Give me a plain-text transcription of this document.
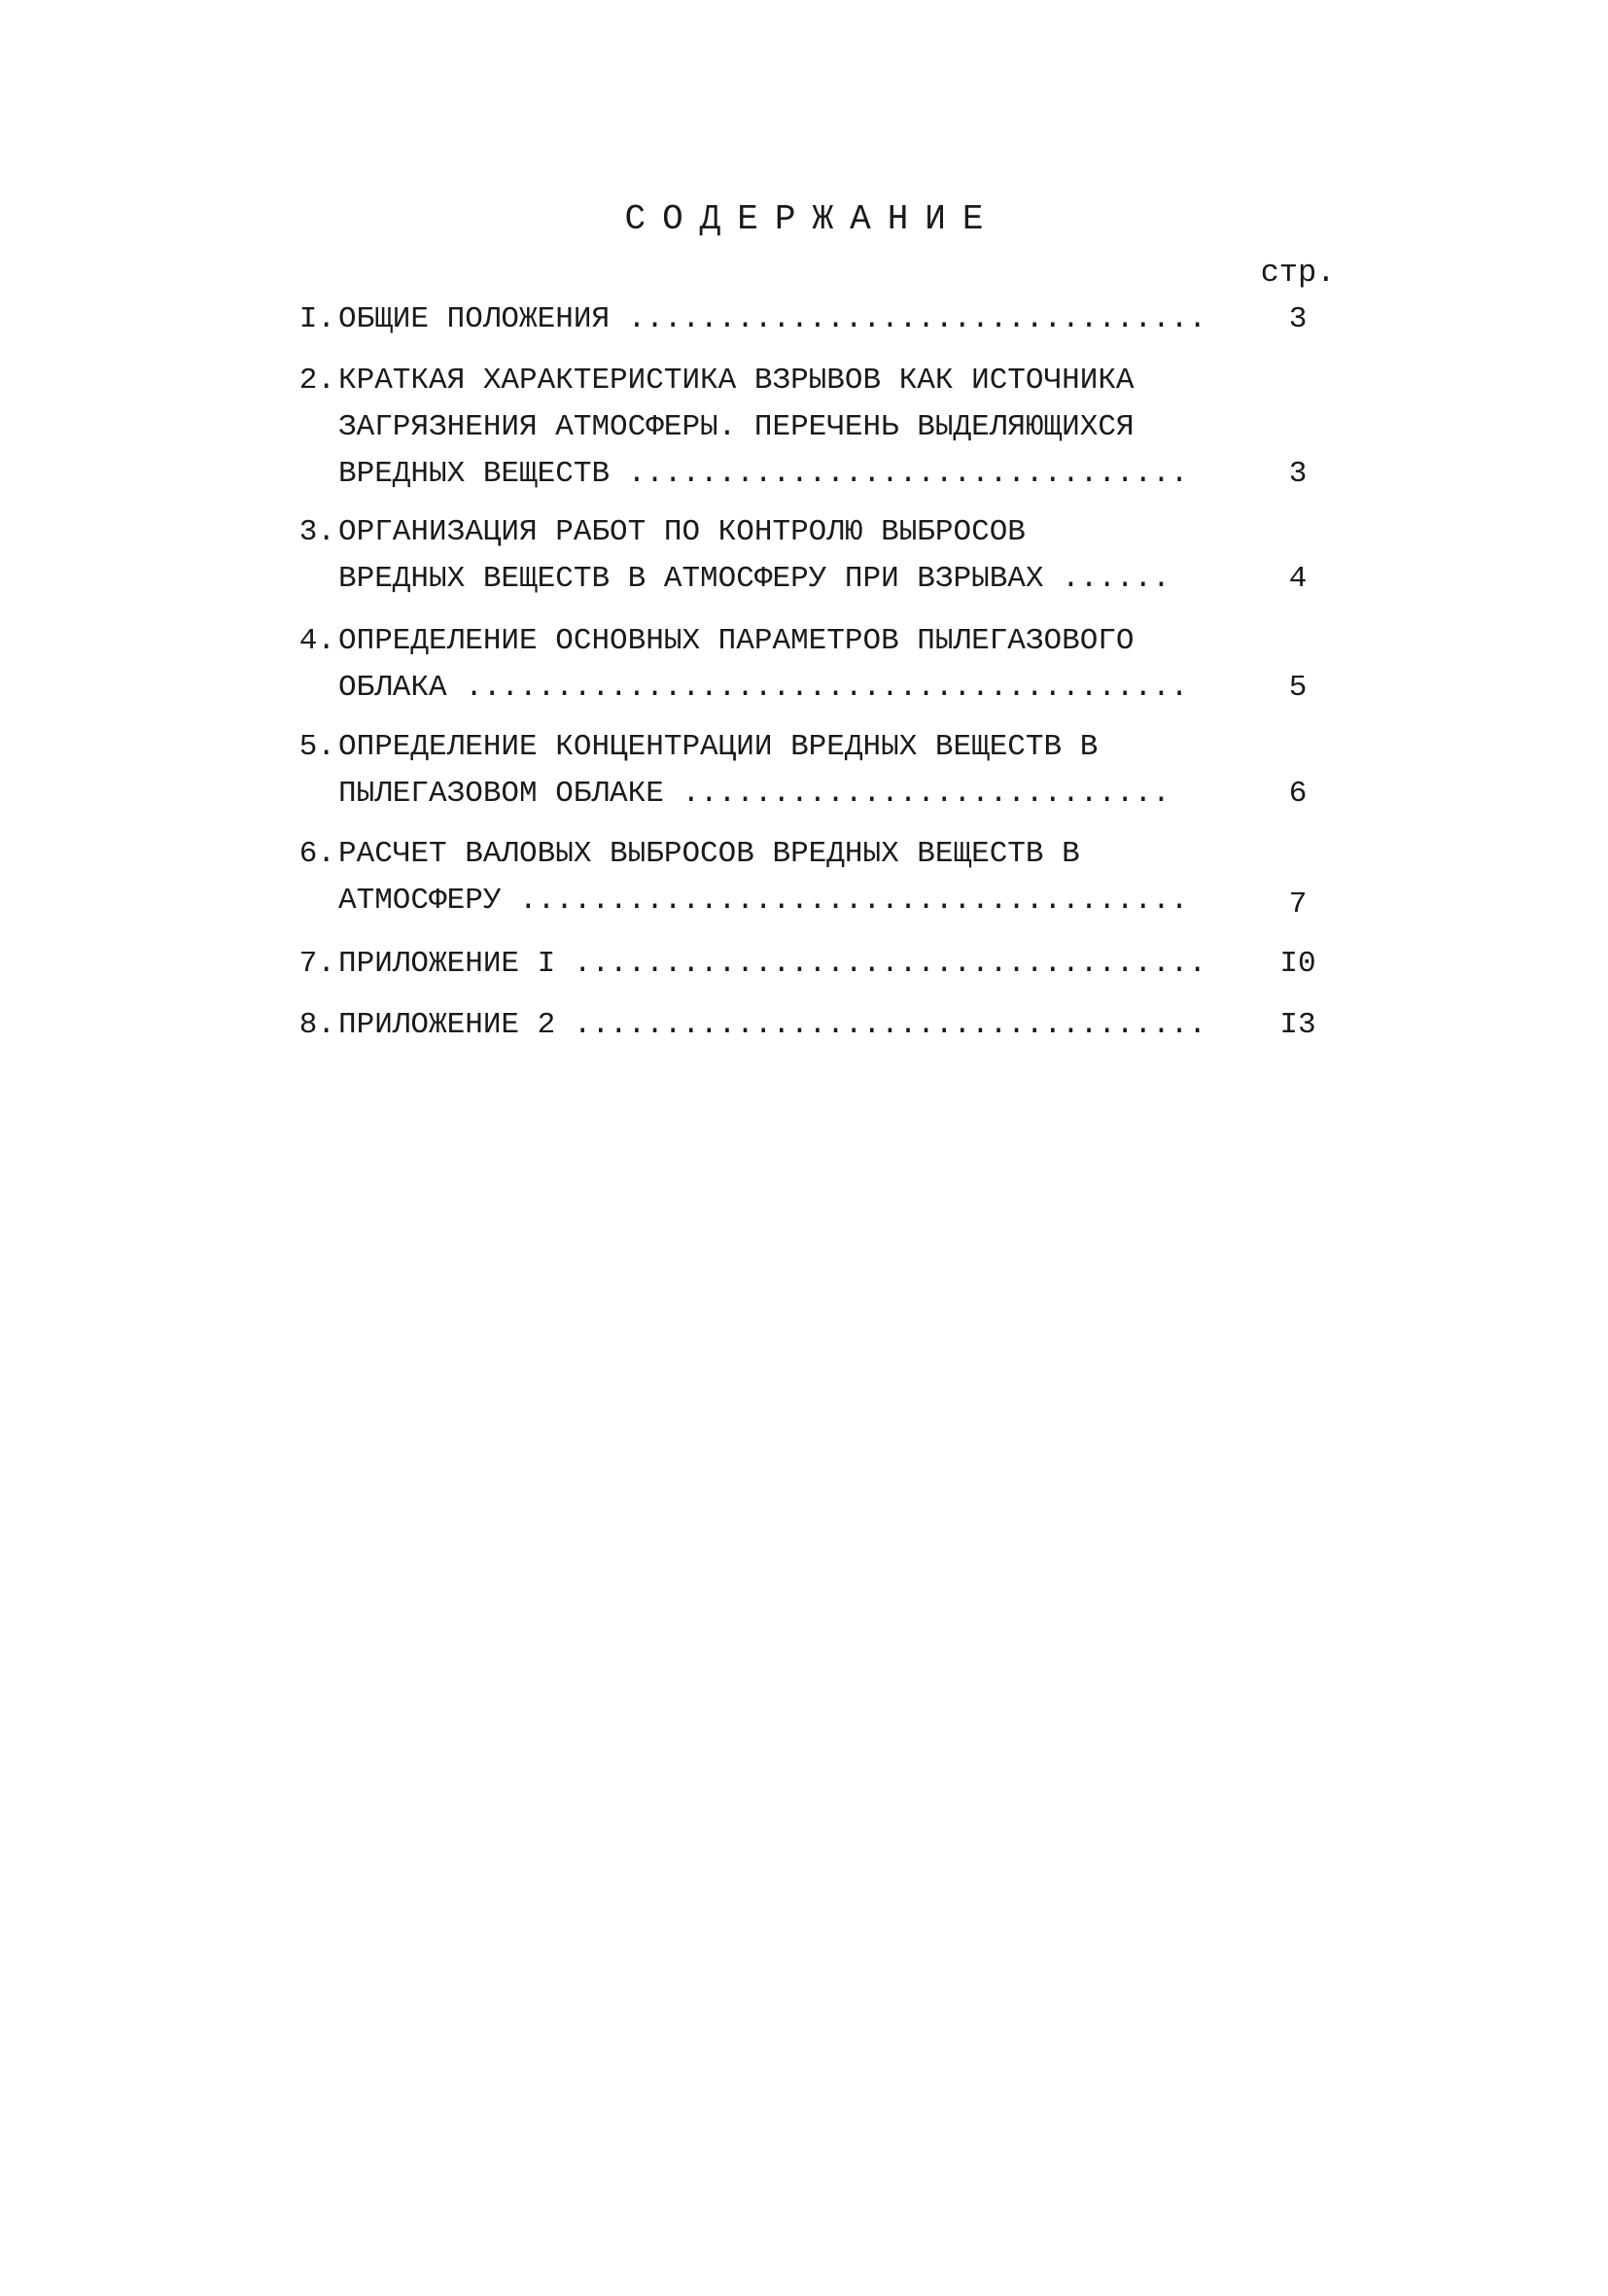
СОДЕРЖАНИЕ
стр.
I. ОБЩИЕ ПОЛОЖЕНИЯ ................................	3
2. КРАТКАЯ ХАРАКТЕРИСТИКА ВЗРЫВОВ КАК ИСТОЧНИКА
ЗАГРЯЗНЕНИЯ АТМОСФЕРЫ. ПЕРЕЧЕНЬ ВЫДЕЛЯЮЩИХСЯ
ВРЕДНЫХ ВЕЩЕСТВ ...............................	3
3. ОРГАНИЗАЦИЯ РАБОТ ПО КОНТРОЛЮ ВЫБРОСОВ
ВРЕДНЫХ ВЕЩЕСТВ В АТМОСФЕРУ ПРИ ВЗРЫВАХ ......	4
4. ОПРЕДЕЛЕНИЕ ОСНОВНЫХ ПАРАМЕТРОВ ПЫЛЕГАЗОВОГО
ОБЛАКА ........................................	5
5. ОПРЕДЕЛЕНИЕ КОНЦЕНТРАЦИИ ВРЕДНЫХ ВЕЩЕСТВ В
ПЫЛЕГАЗОВОМ ОБЛАКЕ ...........................	6
6. РАСЧЕТ ВАЛОВЫХ ВЫБРОСОВ ВРЕДНЫХ ВЕЩЕСТВ В
АТМОСФЕРУ .....................................	7
7. ПРИЛОЖЕНИЕ I ...................................	I0
8. ПРИЛОЖЕНИЕ 2 ...................................	I3
